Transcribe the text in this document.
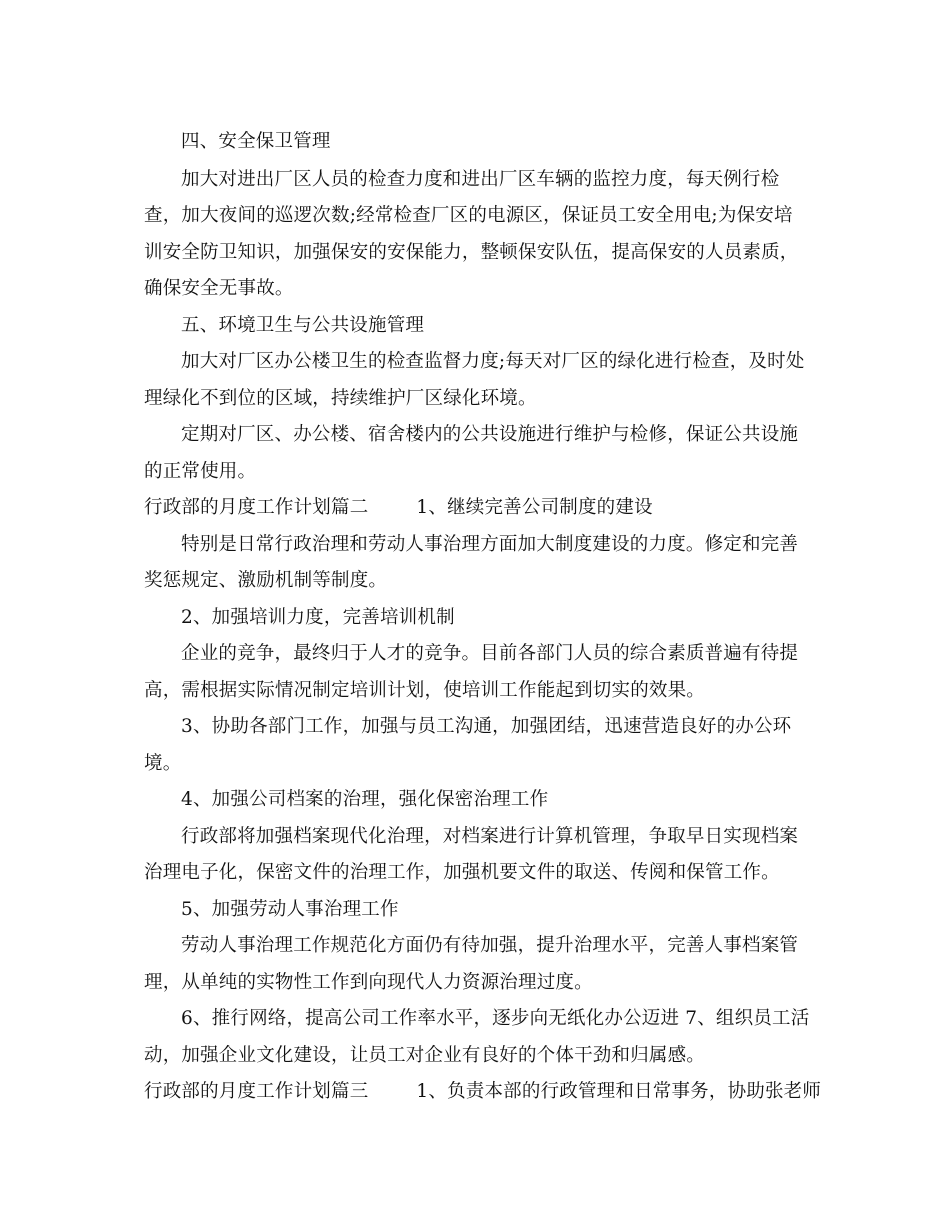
四、安全保卫管理
加大对进出厂区人员的检查力度和进出厂区车辆的监控力度，每天例行检
查，加大夜间的巡逻次数;经常检查厂区的电源区，保证员工安全用电;为保安培
训安全防卫知识，加强保安的安保能力，整顿保安队伍，提高保安的人员素质，
确保安全无事故。
五、环境卫生与公共设施管理
加大对厂区办公楼卫生的检查监督力度;每天对厂区的绿化进行检查，及时处
理绿化不到位的区域，持续维护厂区绿化环境。
定期对厂区、办公楼、宿舍楼内的公共设施进行维护与检修，保证公共设施
的正常使用。
行政部的月度工作计划篇二	1、继续完善公司制度的建设
特别是日常行政治理和劳动人事治理方面加大制度建设的力度。修定和完善
奖惩规定、激励机制等制度。
2、加强培训力度，完善培训机制
企业的竞争，最终归于人才的竞争。目前各部门人员的综合素质普遍有待提
高，需根据实际情况制定培训计划，使培训工作能起到切实的效果。
3、协助各部门工作，加强与员工沟通，加强团结，迅速营造良好的办公环
境。
4、加强公司档案的治理，强化保密治理工作
行政部将加强档案现代化治理，对档案进行计算机管理，争取早日实现档案
治理电子化，保密文件的治理工作，加强机要文件的取送、传阅和保管工作。
5、加强劳动人事治理工作
劳动人事治理工作规范化方面仍有待加强，提升治理水平，完善人事档案管
理，从单纯的实物性工作到向现代人力资源治理过度。
6、推行网络，提高公司工作率水平，逐步向无纸化办公迈进 7、组织员工活
动，加强企业文化建设，让员工对企业有良好的个体干劲和归属感。
行政部的月度工作计划篇三	1、负责本部的行政管理和日常事务，协助张老师
